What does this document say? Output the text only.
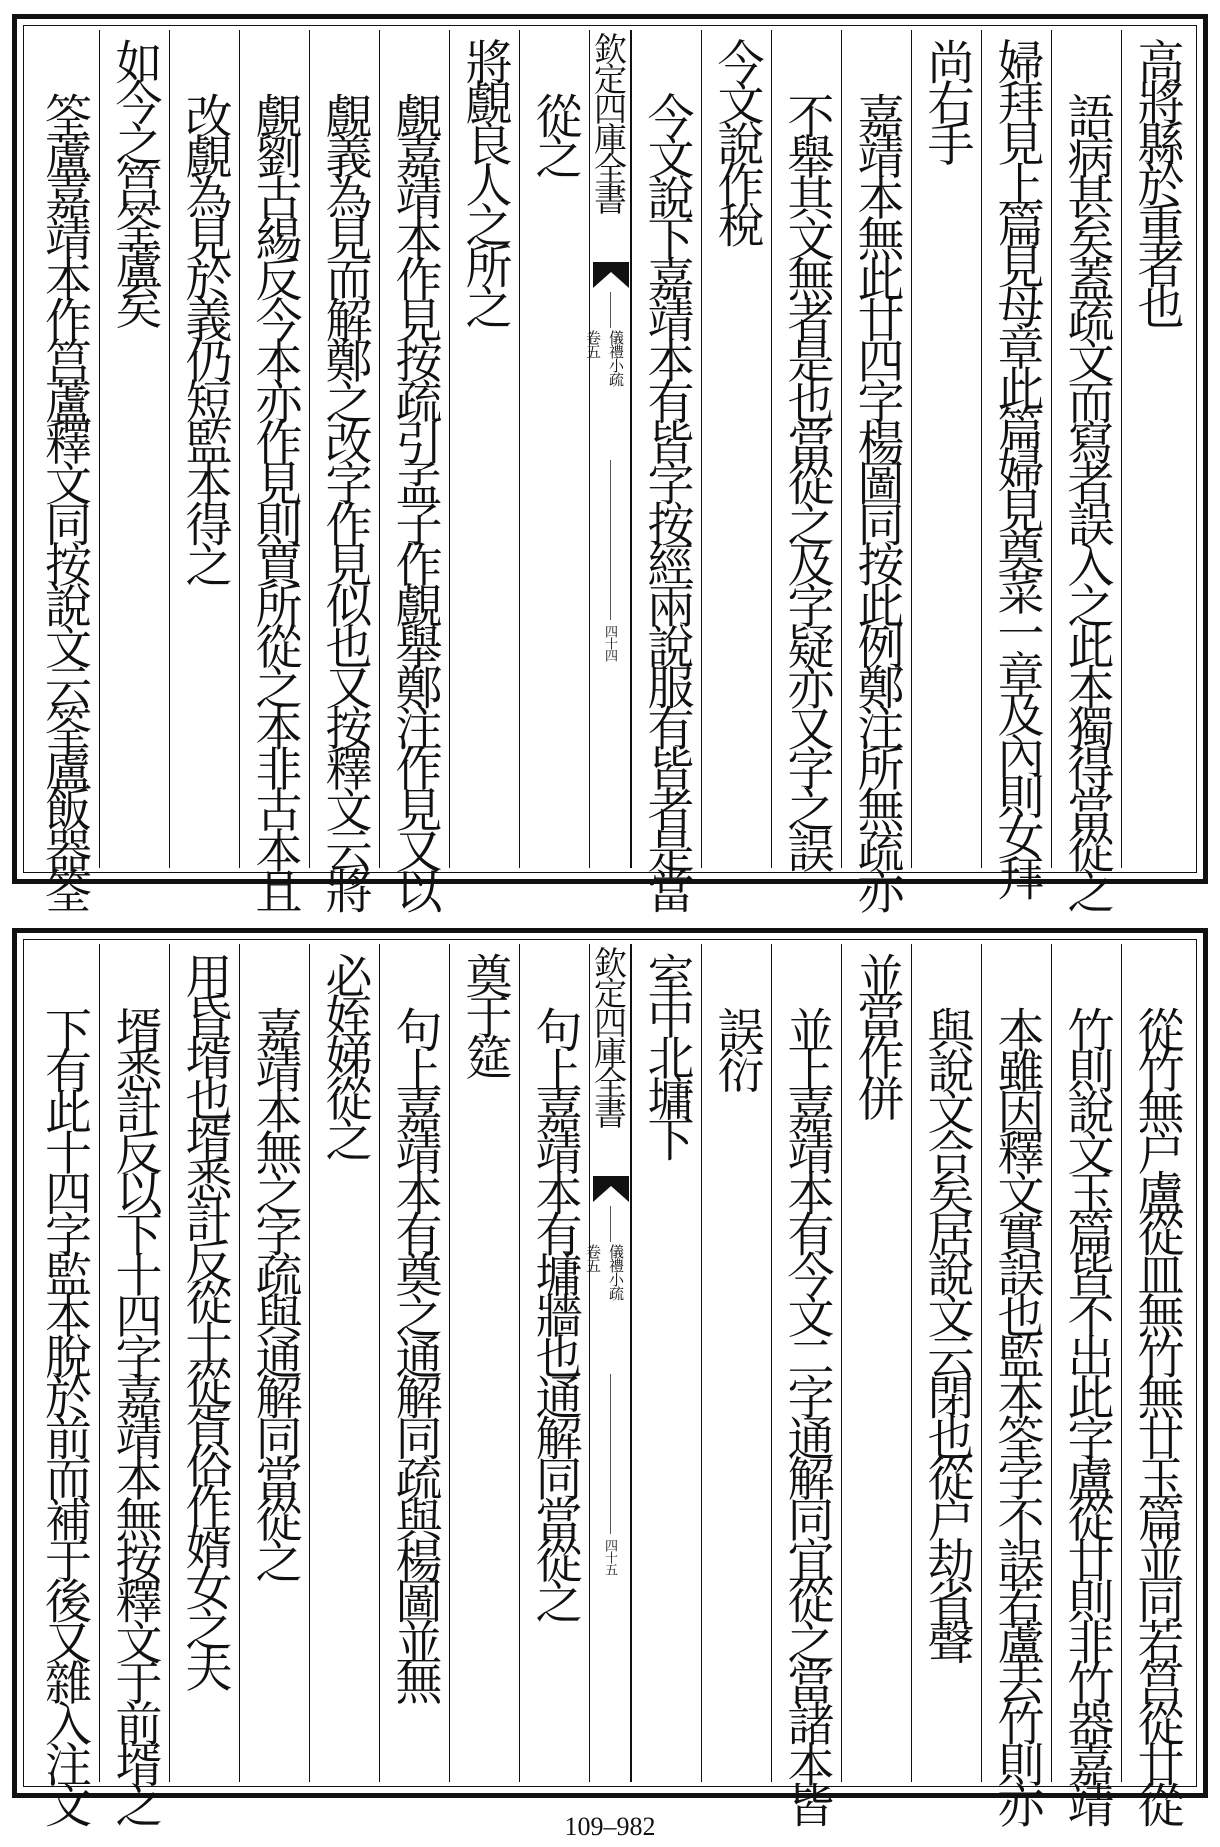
高將縣於重者也
語病甚矣蓋疏文而寫者誤入之此本獨得當從之
婦拜見上篇見母章此篇婦見奠菜一章及內則女拜
尚右手
嘉靖本無此廿四字楊圖同按此例鄭注所無疏亦
不舉其文無者是也當從之及字疑亦又字之誤
今文說作稅
今文說下嘉靖本有皆字按經兩說服有皆者是當
欽定四庫全書
儀禮小疏
卷五
四十四
從之
將覻良人之所之
覻嘉靖本作見按疏引孟子作覻舉鄭注作見又以
覻義為見而解鄭之改字作見似也又按釋文云將
覻劉古緆反今本亦作見則賈所從之本非古本且
改覻為見於義仍短監本得之
如今之筥筌蘆矣
筌蘆嘉靖本作筥蘆釋文同按說文云筌盧飯器筌
從竹無户盧從皿無竹無廿玉篇並同若筥從廿從
竹則說文玉篇皆不出此字盧從廿則非竹器嘉靖
本雖因釋文實誤也監本筌字不誤若蘆去竹則亦
與說文合矣居說文云閉也從户劫省聲
並當作併
並上嘉靖本有今文二字通解同宜從之當諸本皆
誤衍
室中北墉下
欽定四庫全書
儀禮小疏
卷五
四十五
句上嘉靖本有墉牆也通解同當從之
奠于筵
句上嘉靖本有奠之通解同疏與楊圖並無
必姪娣從之
嘉靖本無之字疏與通解同當從之
用昏壻也壻悉計反從士從胥俗作婿女之夫
壻悉計反以下十四字嘉靖本無按釋文于前壻之
下有此十四字監本脫於前而補于後又雜入注文
109–982
